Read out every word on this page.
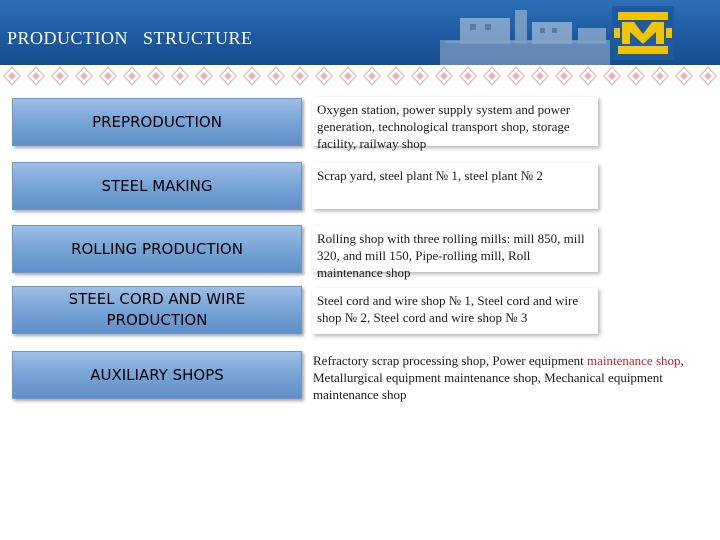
PRODUCTION   STRUCTURE
PREPRODUCTION
Oxygen station, power supply system and power generation, technological transport shop, storage facility, railway shop
STEEL MAKING
Scrap yard, steel plant № 1, steel plant № 2
ROLLING PRODUCTION
Rolling shop with three rolling mills: mill 850, mill 320, and mill 150, Pipe-rolling mill, Roll maintenance shop
STEEL CORD AND WIRE PRODUCTION
Steel cord and wire shop № 1, Steel cord and wire shop № 2, Steel cord and wire shop № 3
AUXILIARY SHOPS
Refractory scrap processing shop, Power equipment maintenance shop, Metallurgical equipment maintenance shop, Mechanical equipment maintenance shop
